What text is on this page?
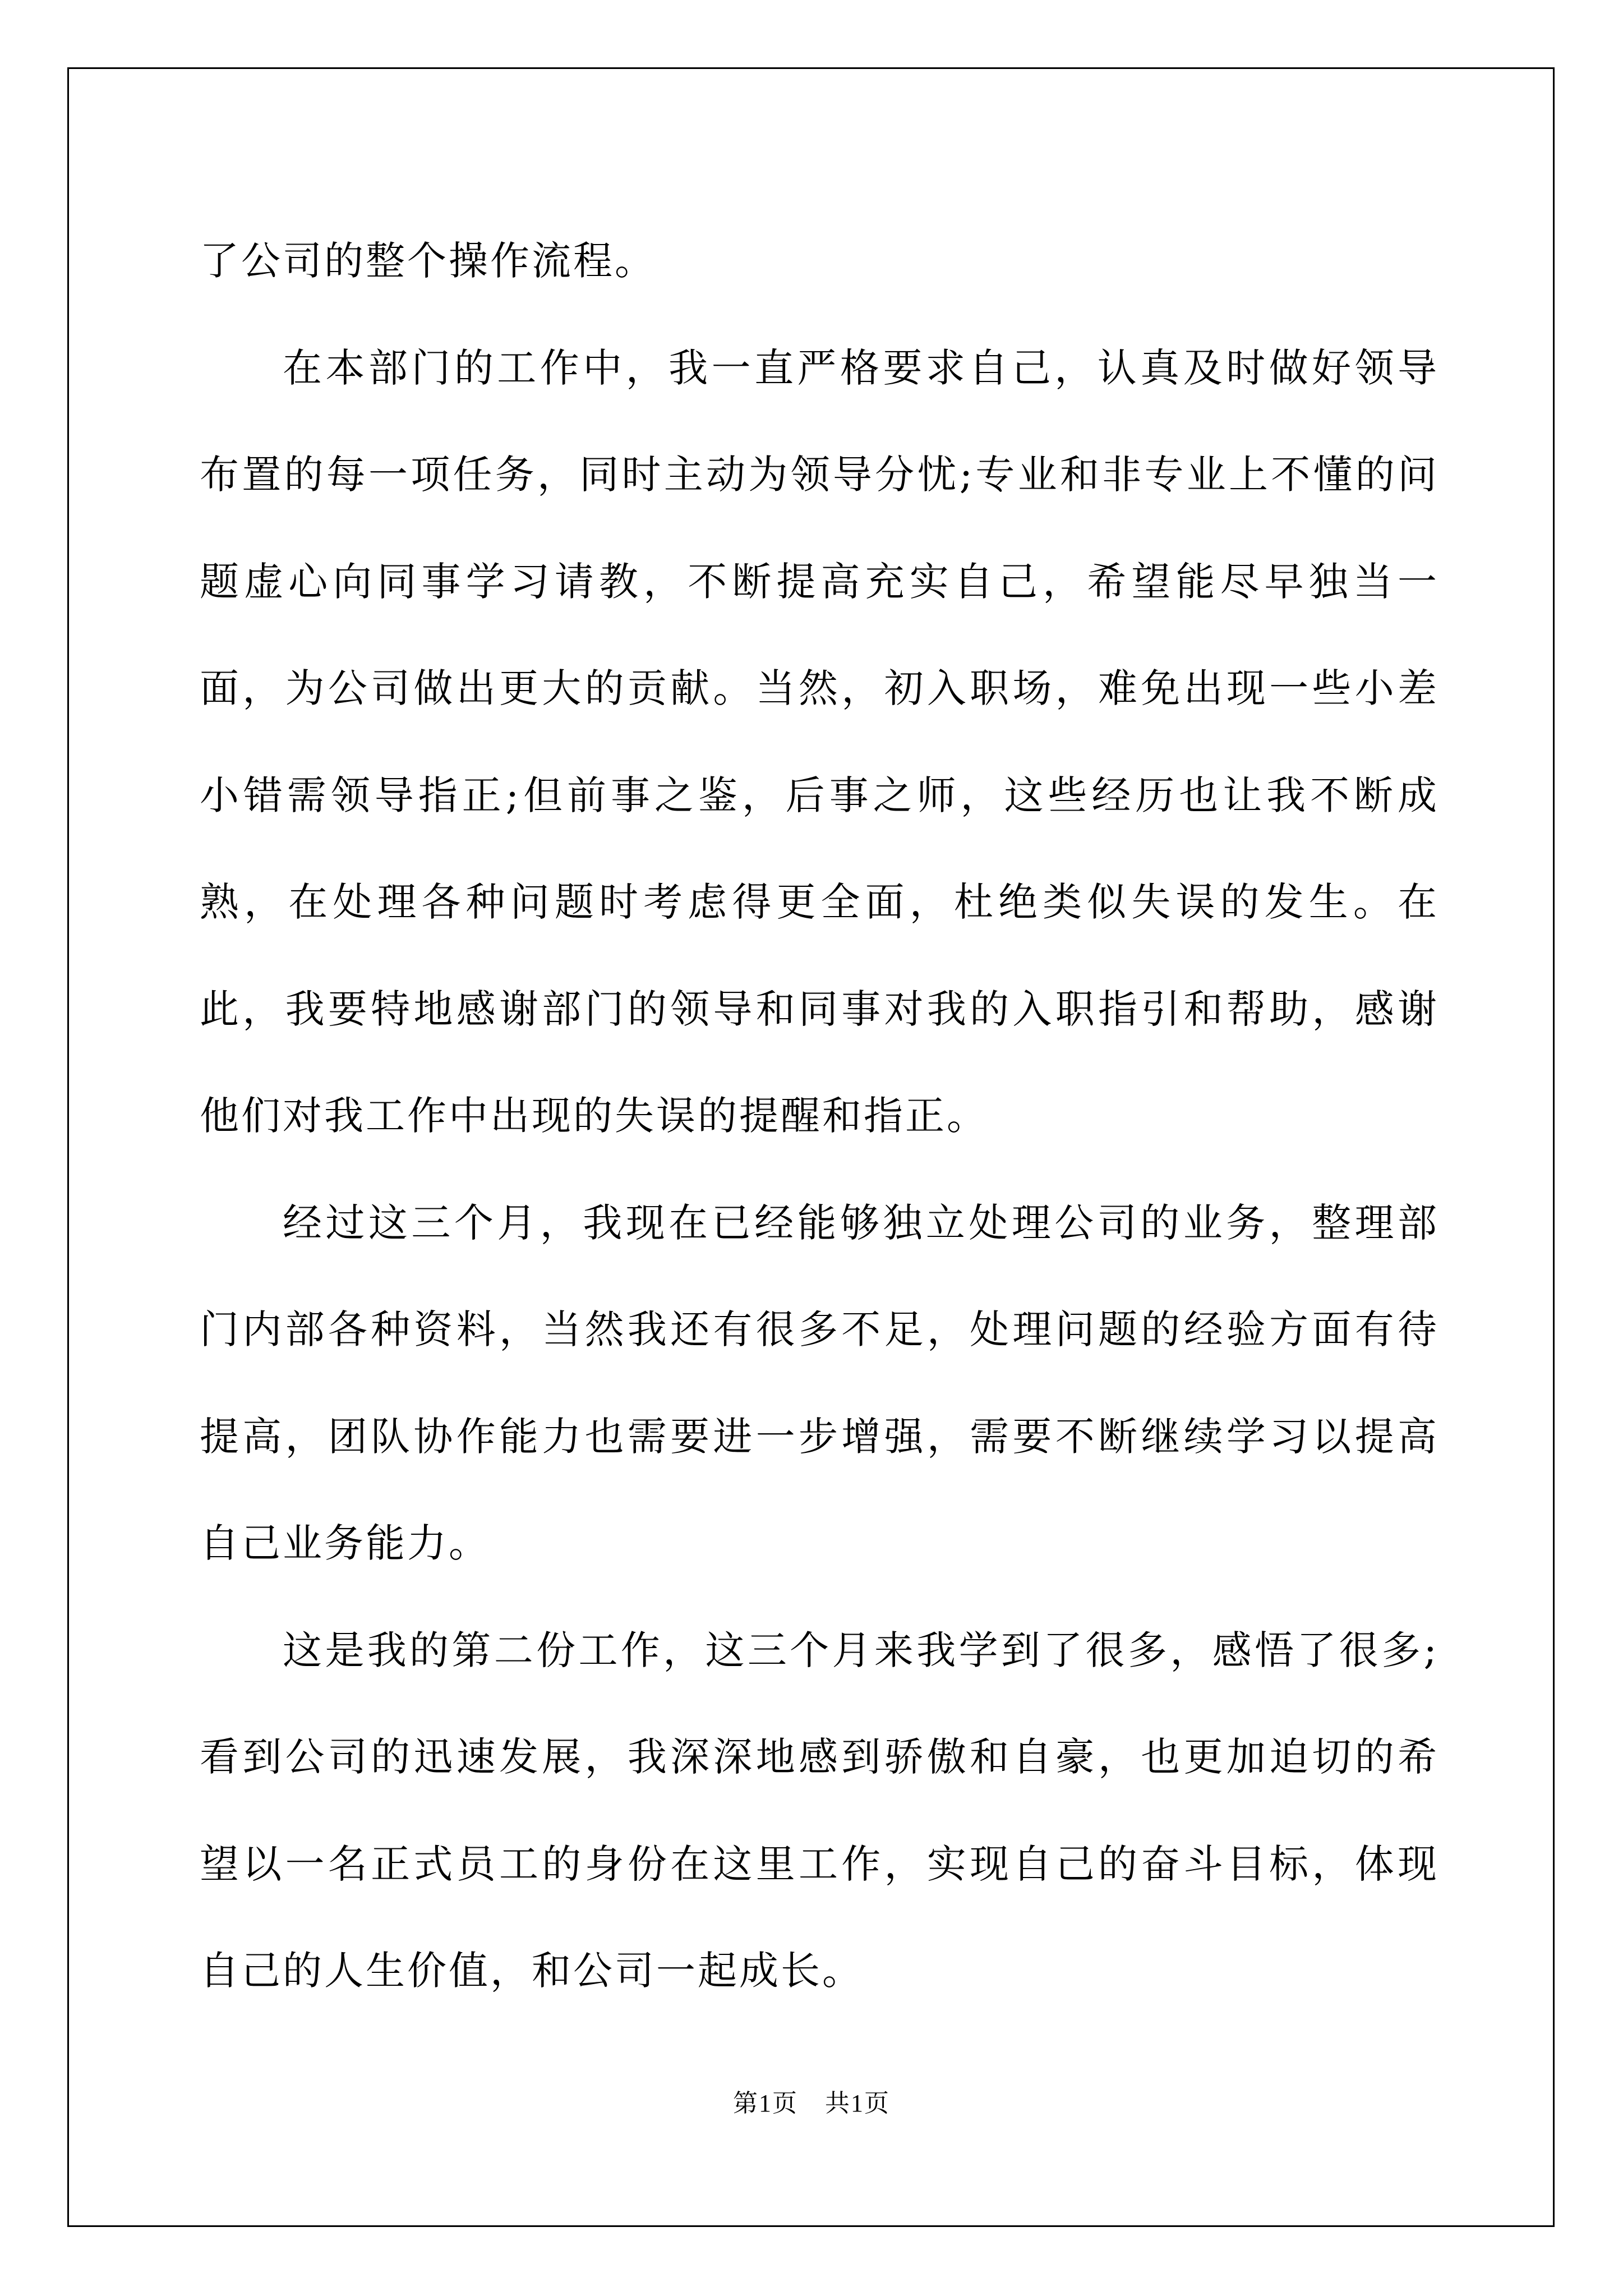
了公司的整个操作流程。

在本部门的工作中，我一直严格要求自己，认真及时做好领导布置的每一项任务，同时主动为领导分忧;专业和非专业上不懂的问题虚心向同事学习请教，不断提高充实自己，希望能尽早独当一面，为公司做出更大的贡献。当然，初入职场，难免出现一些小差小错需领导指正;但前事之鉴，后事之师，这些经历也让我不断成熟，在处理各种问题时考虑得更全面，杜绝类似失误的发生。在此，我要特地感谢部门的领导和同事对我的入职指引和帮助，感谢他们对我工作中出现的失误的提醒和指正。

经过这三个月，我现在已经能够独立处理公司的业务，整理部门内部各种资料，当然我还有很多不足，处理问题的经验方面有待提高，团队协作能力也需要进一步增强，需要不断继续学习以提高自己业务能力。

这是我的第二份工作，这三个月来我学到了很多，感悟了很多;看到公司的迅速发展，我深深地感到骄傲和自豪，也更加迫切的希望以一名正式员工的身份在这里工作，实现自己的奋斗目标，体现自己的人生价值，和公司一起成长。

第1页 共1页
